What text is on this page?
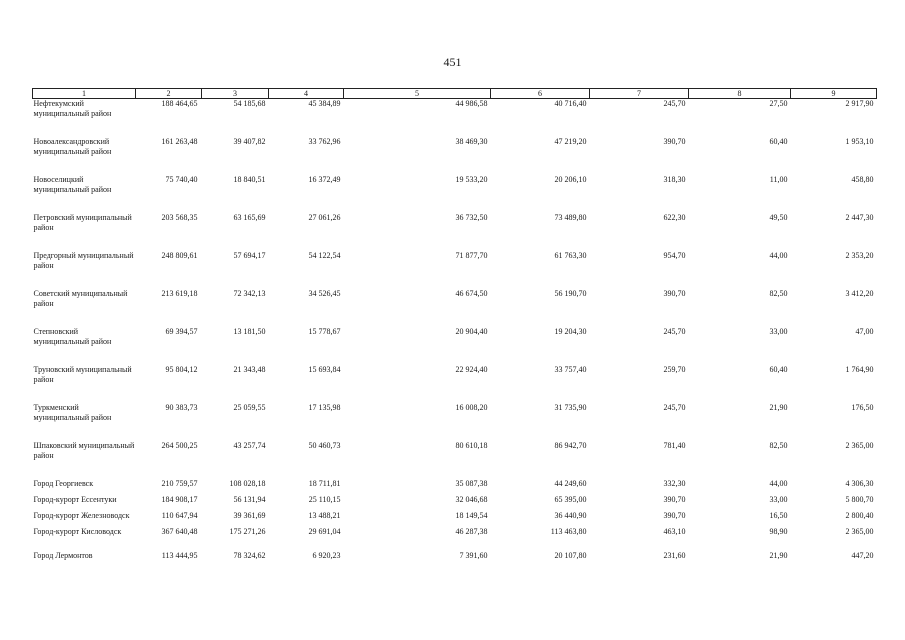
451
1	2	3	4	5	6	7	8	9
Нефтекумский муниципальный район	188 464,65	54 185,68	45 384,89	44 986,58	40 716,40	245,70	27,50	2 917,90
Новоалександровский муниципальный район	161 263,48	39 407,82	33 762,96	38 469,30	47 219,20	390,70	60,40	1 953,10
Новоселицкий муниципальный район	75 740,40	18 840,51	16 372,49	19 533,20	20 206,10	318,30	11,00	458,80
Петровский муниципальный район	203 568,35	63 165,69	27 061,26	36 732,50	73 489,80	622,30	49,50	2 447,30
Предгорный муниципальный район	248 809,61	57 694,17	54 122,54	71 877,70	61 763,30	954,70	44,00	2 353,20
Советский муниципальный район	213 619,18	72 342,13	34 526,45	46 674,50	56 190,70	390,70	82,50	3 412,20
Степновский муниципальный район	69 394,57	13 181,50	15 778,67	20 904,40	19 204,30	245,70	33,00	47,00
Труновский муниципальный район	95 804,12	21 343,48	15 693,84	22 924,40	33 757,40	259,70	60,40	1 764,90
Туркменский муниципальный район	90 383,73	25 059,55	17 135,98	16 008,20	31 735,90	245,70	21,90	176,50
Шпаковский муниципальный район	264 500,25	43 257,74	50 460,73	80 610,18	86 942,70	781,40	82,50	2 365,00
Город Георгиевск	210 759,57	108 028,18	18 711,81	35 087,38	44 249,60	332,30	44,00	4 306,30
Город-курорт Ессентуки	184 908,17	56 131,94	25 110,15	32 046,68	65 395,00	390,70	33,00	5 800,70
Город-курорт Железноводск	110 647,94	39 361,69	13 488,21	18 149,54	36 440,90	390,70	16,50	2 800,40
Город-курорт Кисловодск	367 640,48	175 271,26	29 691,04	46 287,38	113 463,80	463,10	98,90	2 365,00
Город Лермонтов	113 444,95	78 324,62	6 920,23	7 391,60	20 107,80	231,60	21,90	447,20
